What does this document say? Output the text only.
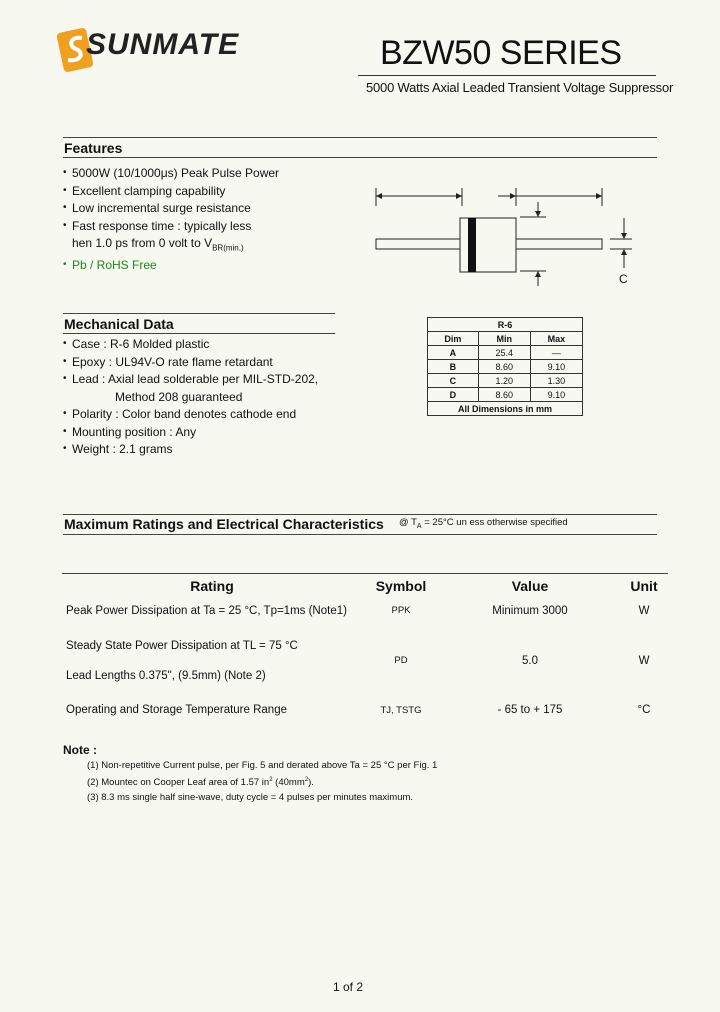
SUNMATE	BZW50 SERIES
5000 Watts Axial Leaded Transient Voltage Suppressor
Features
• 5000W (10/1000μs) Peak Pulse Power
• Excellent clamping capability
• Low incremental surge resistance
• Fast response time : typically less
hen 1.0 ps from 0 volt to $V_{BR(min.)}$
• Pb / RoHS Free
C
Mechanical Data
• Case : R-6 Molded plastic
• Epoxy : UL94V-O rate flame retardant
• Lead : Axial lead solderable per MIL-STD-202,
Method 208 guaranteed
• Polarity : Color band denotes cathode end
• Mounting position : Any
• Weight : 2.1 grams
R-6		
Dim	Min	Max
A	25.4	—
B	8.60	9.10
C	1.20	1.30
D	8.60	9.10
All Dimensions in mm		
Maximum Ratings and Electrical Characteristics @ $T_A = 25^\circ C$ un ess otherwise specified
Rating	Symbol	Value	Unit
Peak Power Dissipation at Ta = 25 °C, Tp=1ms (Note1)	PPK	Minimum 3000	W
Steady State Power Dissipation at TL = 75 °C
Lead Lengths 0.375", (9.5mm) (Note 2)	PD	5.0	W
Operating and Storage Temperature Range	TJ, TSTG	- 65 to + 175	°C
Note :
(1) Non-repetitive Current pulse, per Fig. 5 and derated above Ta = 25 °C per Fig. 1
(2) Mountec on Cooper Leaf area of 1.57 $in^2$ $(40mm^2)$.
(3) 8.3 ms single half sine-wave, duty cycle = 4 pulses per minutes maximum.
1 of 2
